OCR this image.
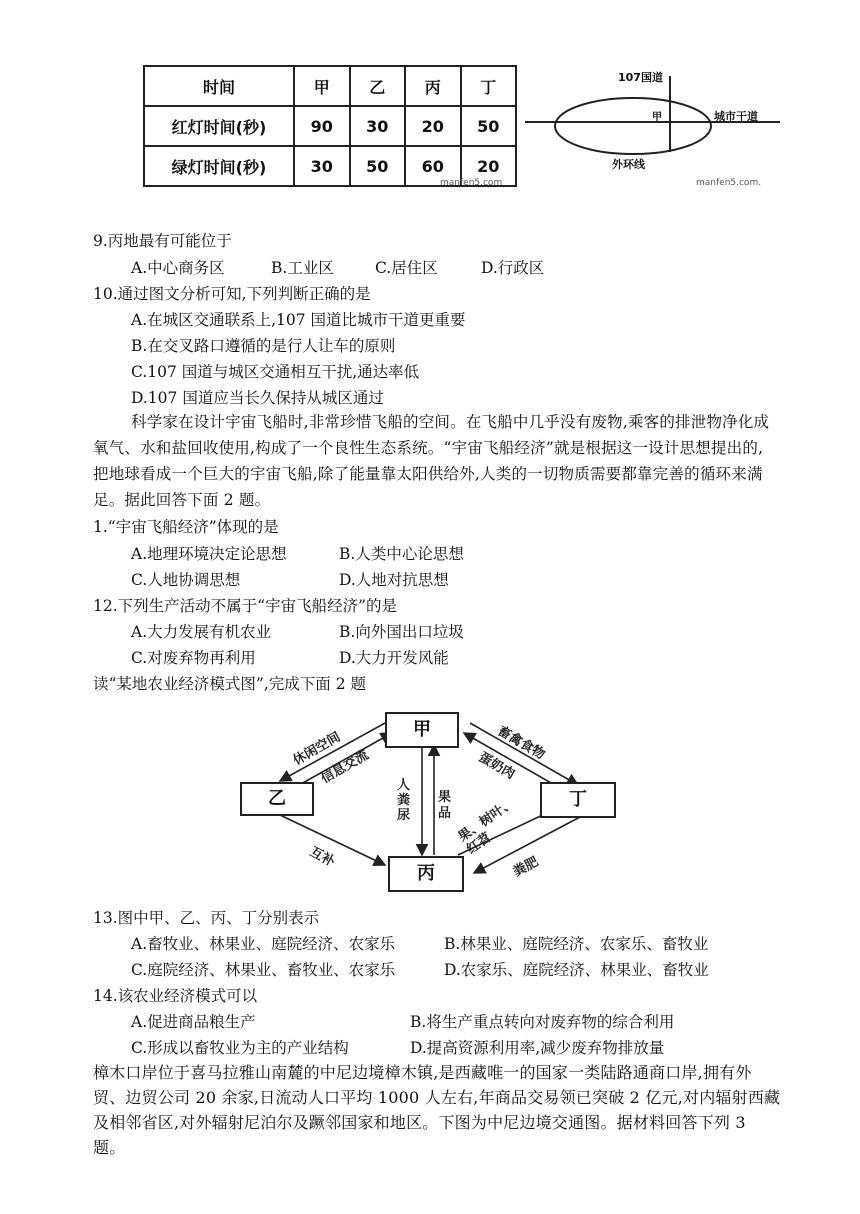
时间	甲	乙	丙	丁
红灯时间(秒)	90	30	20	50
绿灯时间(秒)	30	50	60	20
manfen5.com
107国道
城市干道
外环线
甲
manfen5.com.
9.丙地最有可能位于
A.中心商务区	B.工业区	C.居住区	D.行政区
10.通过图文分析可知,下列判断正确的是
A.在城区交通联系上,107 国道比城市干道更重要
B.在交叉路口遵循的是行人让车的原则
C.107 国道与城区交通相互干扰,通达率低
D.107 国道应当长久保持从城区通过
科学家在设计宇宙飞船时,非常珍惜飞船的空间。在飞船中几乎没有废物,乘客的排泄物净化成氧气、水和盐回收使用,构成了一个良性生态系统。“宇宙飞船经济”就是根据这一设计思想提出的,把地球看成一个巨大的宇宙飞船,除了能量靠太阳供给外,人类的一切物质需要都靠完善的循环来满足。据此回答下面 2 题。
1.“宇宙飞船经济”体现的是
A.地理环境决定论思想	B.人类中心论思想
C.人地协调思想	D.人地对抗思想
12.下列生产活动不属于“宇宙飞船经济”的是
A.大力发展有机农业	B.向外国出口垃圾
C.对废弃物再利用	D.大力开发风能
读“某地农业经济模式图”,完成下面 2 题
甲
乙	丁
丙
休闲空间
信息交流
畜禽食物
蛋奶肉
人粪尿
果品 果、树叶、红苕
互补	粪肥
13.图中甲、乙、丙、丁分别表示
A.畜牧业、林果业、庭院经济、农家乐	B.林果业、庭院经济、农家乐、畜牧业
C.庭院经济、林果业、畜牧业、农家乐	D.农家乐、庭院经济、林果业、畜牧业
14.该农业经济模式可以
A.促进商品粮生产	B.将生产重点转向对废弃物的综合利用
C.形成以畜牧业为主的产业结构	D.提高资源利用率,减少废弃物排放量
樟木口岸位于喜马拉雅山南麓的中尼边境樟木镇,是西藏唯一的国家一类陆路通商口岸,拥有外贸、边贸公司 20 余家,日流动人口平均 1000 人左右,年商品交易领已突破 2 亿元,对内辐射西藏及相邻省区,对外辐射尼泊尔及蹶邻国家和地区。下图为中尼边境交通图。据材料回答下列 3 题。
